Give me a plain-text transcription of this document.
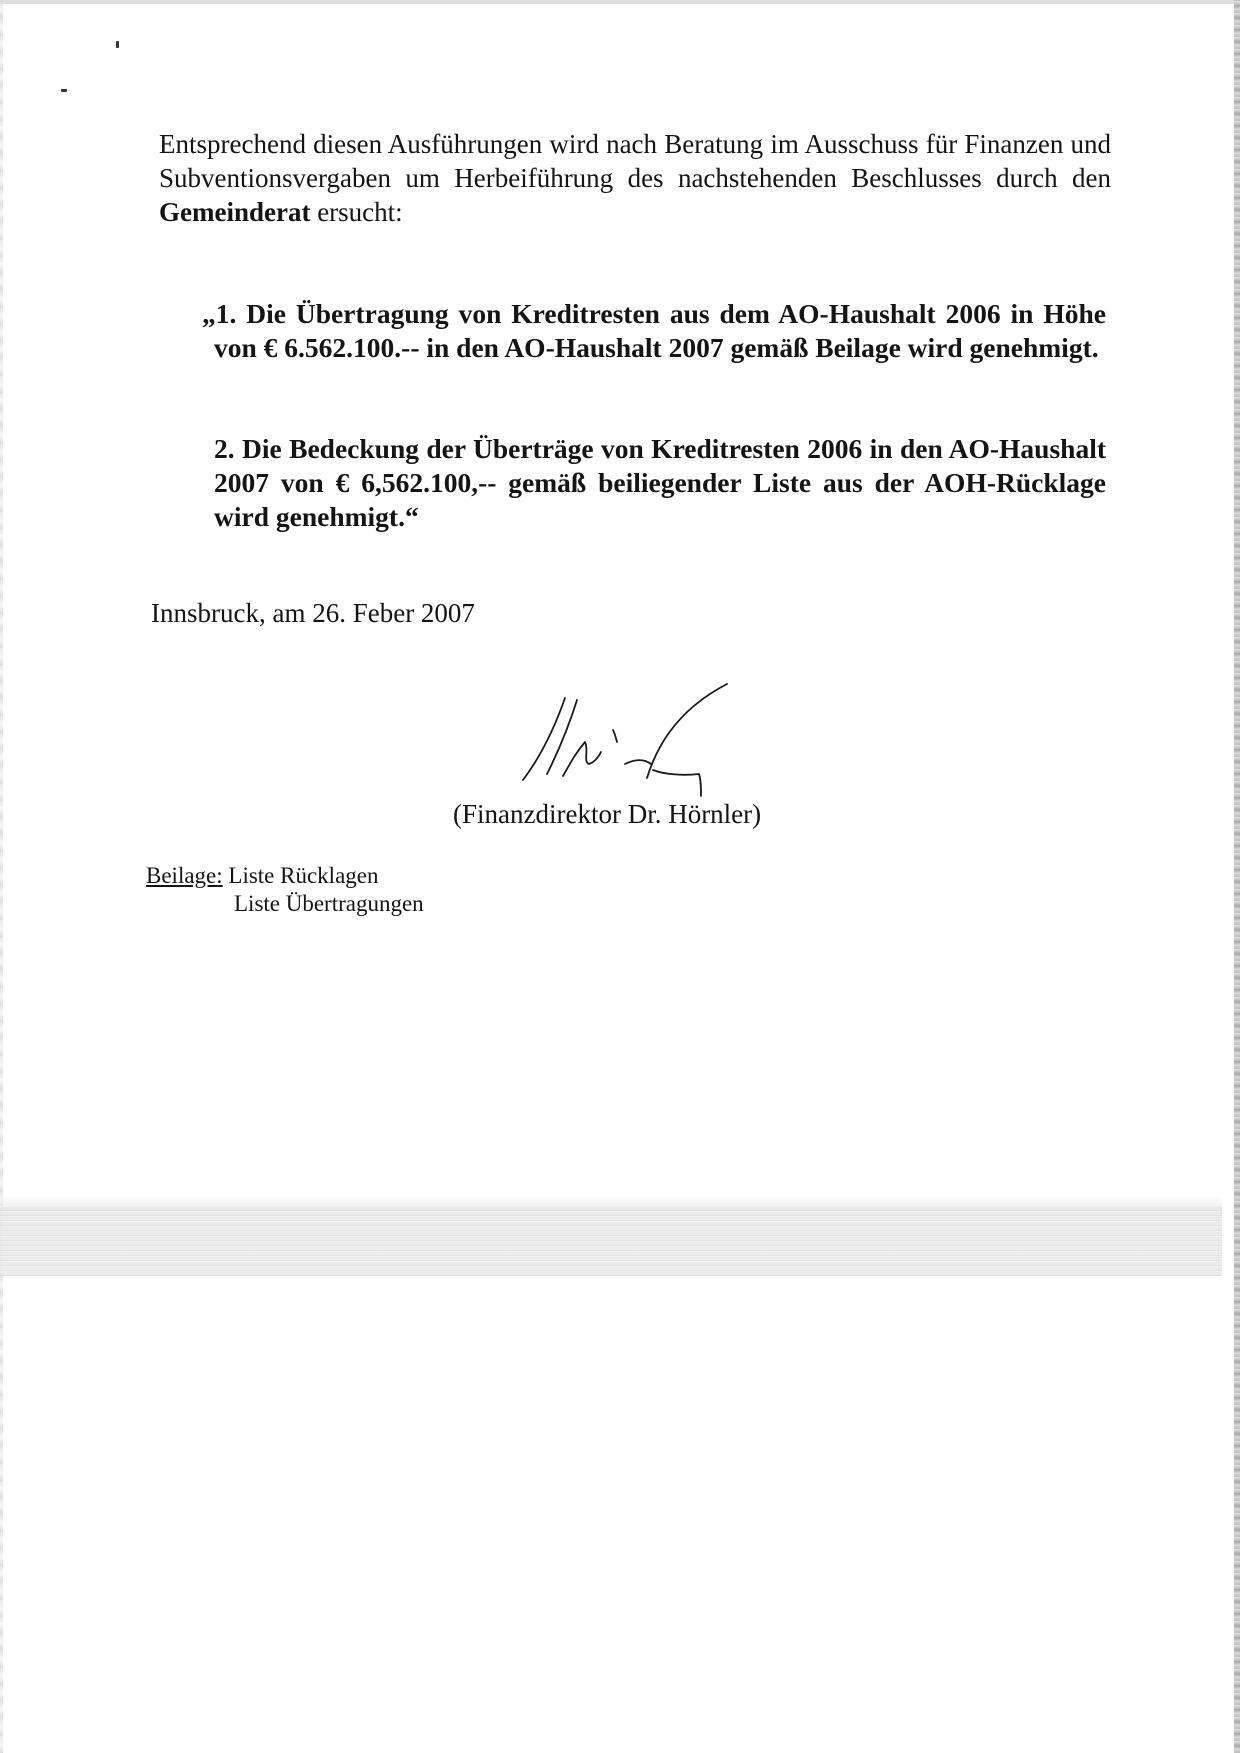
Entsprechend diesen Ausführungen wird nach Beratung im Ausschuss für Finanzen und Subventionsvergaben um Herbeiführung des nachstehenden Beschlusses durch den Gemeinderat ersucht:

„1. Die Übertragung von Kreditresten aus dem AO-Haushalt 2006 in Höhe von € 6.562.100.-- in den AO-Haushalt 2007 gemäß Beilage wird genehmigt.

2. Die Bedeckung der Überträge von Kreditresten 2006 in den AO-Haushalt 2007 von € 6,562.100,-- gemäß beiliegender Liste aus der AOH-Rücklage wird genehmigt.“

Innsbruck, am 26. Feber 2007

(Finanzdirektor Dr. Hörnler)

Beilage: Liste Rücklagen
Liste Übertragungen
